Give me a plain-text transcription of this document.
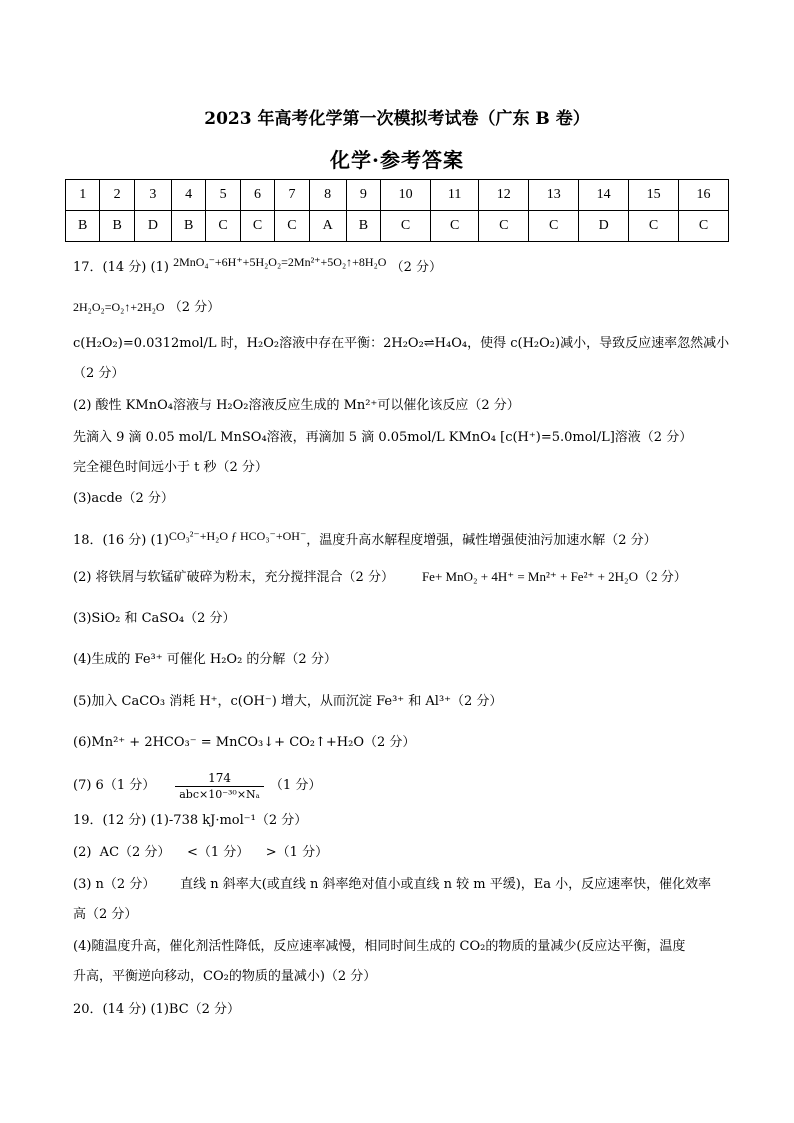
2023 年高考化学第一次模拟考试卷（广东 B 卷）
化学·参考答案
1	2	3	4	5	6	7	8	9	10	11	12	13	14	15	16
B	B	D	B	C	C	C	A	B	C	C	C	C	D	C	C
17．(14 分) (1) 2MnO₄⁻+6H⁺+5H₂O₂=2Mn²⁺+5O₂↑+8H₂O （2 分）
2H₂O₂=O₂↑+2H₂O （2 分）
c(H₂O₂)=0.0312mol/L 时，H₂O₂溶液中存在平衡：2H₂O₂⇌H₄O₄，使得 c(H₂O₂)减小，导致反应速率忽然减小
（2 分）
(2) 酸性 KMnO₄溶液与 H₂O₂溶液反应生成的 Mn²⁺可以催化该反应（2 分）
先滴入 9 滴 0.05 mol/L MnSO₄溶液，再滴加 5 滴 0.05mol/L KMnO₄ [c(H⁺)=5.0mol/L]溶液（2 分）
完全褪色时间远小于 t 秒（2 分）
(3)acde（2 分）
18．(16 分) (1)CO₃²⁻+H₂O ƒ HCO₃⁻+OH⁻，温度升高水解程度增强，碱性增强使油污加速水解（2 分）
(2) 将铁屑与软锰矿破碎为粉末，充分搅拌混合（2 分） Fe+ MnO₂ + 4H⁺ = Mn²⁺ + Fe²⁺ + 2H₂O（2 分）
(3)SiO₂ 和 CaSO₄（2 分）
(4)生成的 Fe³⁺ 可催化 H₂O₂ 的分解（2 分）
(5)加入 CaCO₃ 消耗 H⁺，c(OH⁻) 增大，从而沉淀 Fe³⁺ 和 Al³⁺（2 分）
(6)Mn²⁺ + 2HCO₃⁻ = MnCO₃↓+ CO₂↑+H₂O（2 分）
(7) 6（1 分） $\frac{174}{\text{abc×10⁻³⁰×Nₐ}} (1$ 分）
19．(12 分) (1)-738 kJ·mol⁻¹（2 分）
(2)  AC（2 分）    <（1 分）    >（1 分）
(3) n（2 分）      直线 n 斜率大(或直线 n 斜率绝对值小或直线 n 较 m 平缓)，Ea 小，反应速率快，催化效率
高（2 分）
(4)随温度升高，催化剂活性降低，反应速率减慢，相同时间生成的 CO₂的物质的量减少(反应达平衡，温度
升高，平衡逆向移动，CO₂的物质的量减小)（2 分）
20．(14 分) (1)BC（2 分）
